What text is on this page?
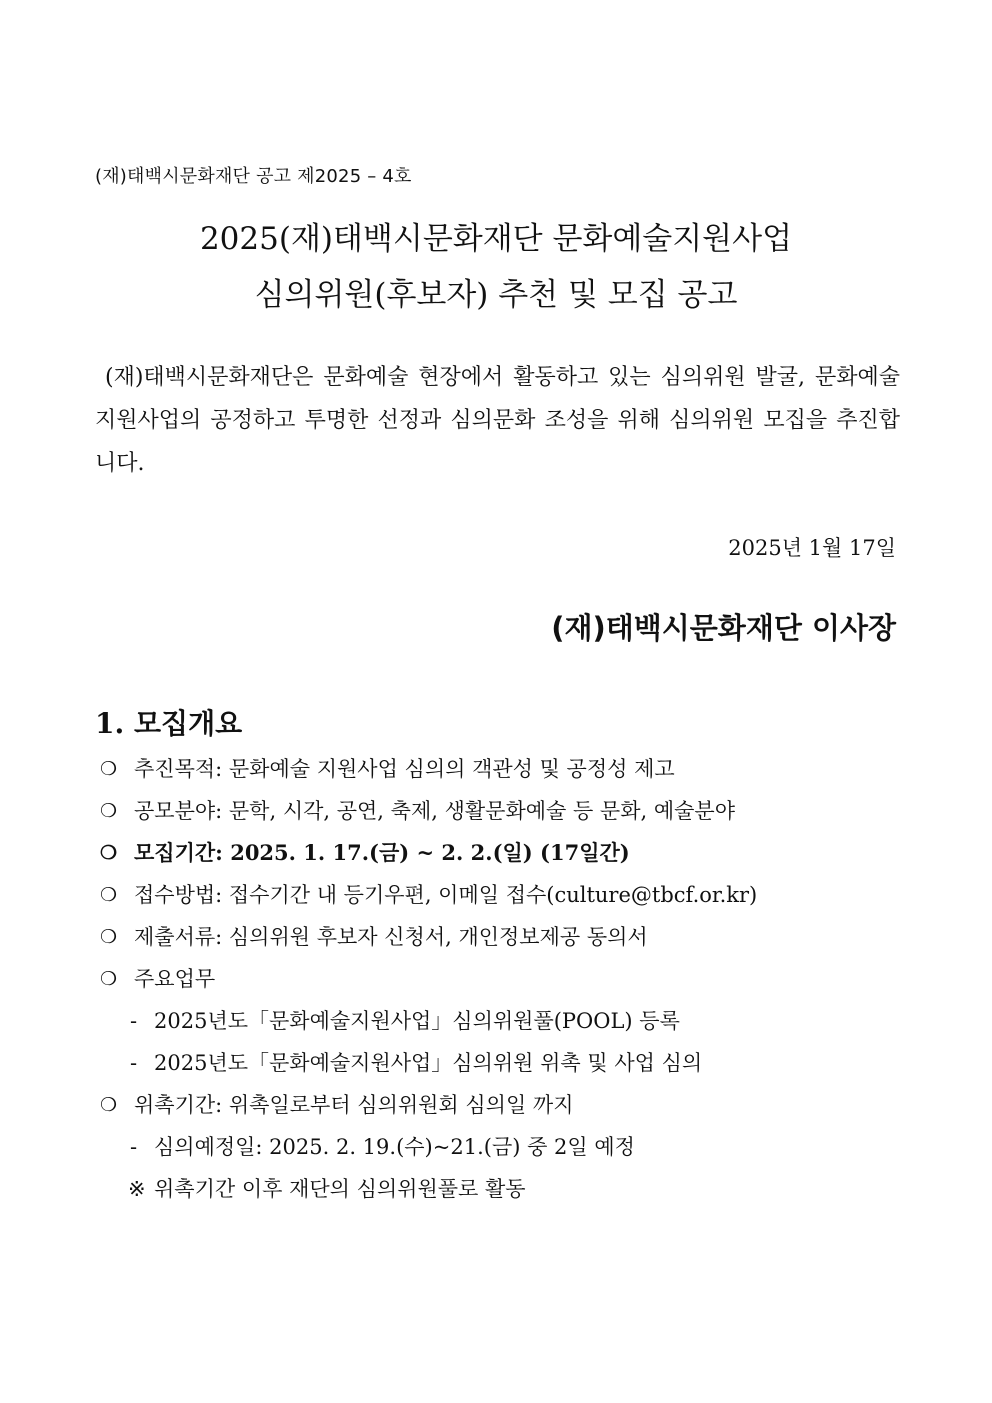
(재)태백시문화재단 공고 제2025 – 4호
2025(재)태백시문화재단 문화예술지원사업
심의위원(후보자) 추천 및 모집 공고
(재)태백시문화재단은 문화예술 현장에서 활동하고 있는 심의위원 발굴, 문화예술지원사업의 공정하고 투명한 선정과 심의문화 조성을 위해 심의위원 모집을 추진합니다.
2025년 1월 17일
(재)태백시문화재단 이사장
1. 모집개요
❍ 추진목적: 문화예술 지원사업 심의의 객관성 및 공정성 제고
❍ 공모분야: 문학, 시각, 공연, 축제, 생활문화예술 등 문화, 예술분야
❍ 모집기간: 2025. 1. 17.(금) ~ 2. 2.(일) (17일간)
❍ 접수방법: 접수기간 내 등기우편, 이메일 접수(culture@tbcf.or.kr)
❍ 제출서류: 심의위원 후보자 신청서, 개인정보제공 동의서
❍ 주요업무
- 2025년도「문화예술지원사업」심의위원풀(POOL) 등록
- 2025년도「문화예술지원사업」심의위원 위촉 및 사업 심의
❍ 위촉기간: 위촉일로부터 심의위원회 심의일 까지
- 심의예정일: 2025. 2. 19.(수)~21.(금) 중 2일 예정
※ 위촉기간 이후 재단의 심의위원풀로 활동
